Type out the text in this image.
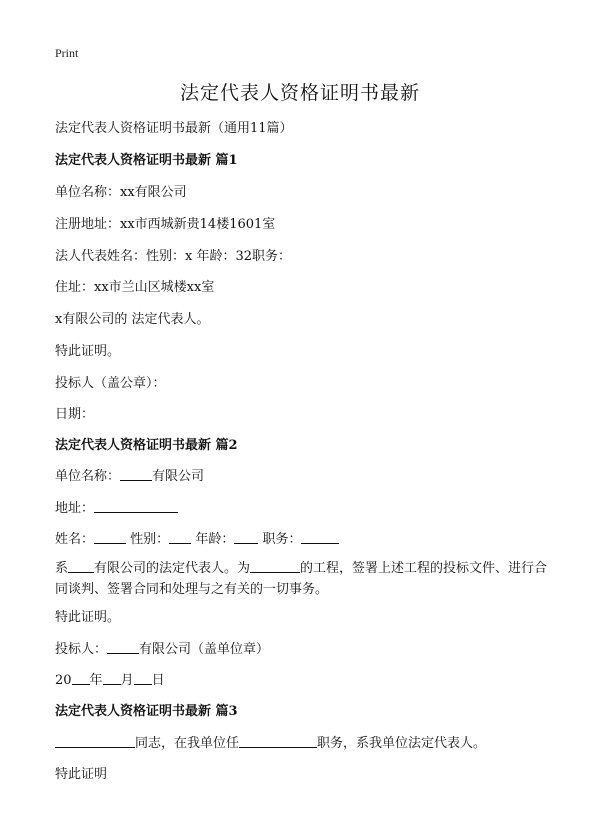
Print
法定代表人资格证明书最新
法定代表人资格证明书最新（通用11篇）
法定代表人资格证明书最新 篇1
单位名称：xx有限公司
注册地址：xx市西城新贵14楼1601室
法人代表姓名：性别：x 年龄：32职务：
住址：xx市兰山区城楼xx室
x有限公司的 法定代表人。
特此证明。
投标人（盖公章）：
日期：
法定代表人资格证明书最新 篇2
单位名称： 有限公司
地址：
姓名：	性别： 年龄： 职务：
系 有限公司的法定代表人。为	的工程，签署上述工程的投标文件、进行合同谈判、签署合同和处理与之有关的一切事务。
特此证明。
投标人： 有限公司（盖单位章）
20 年 月 日
法定代表人资格证明书最新 篇3
同志，在我单位任	职务，系我单位法定代表人。
特此证明
